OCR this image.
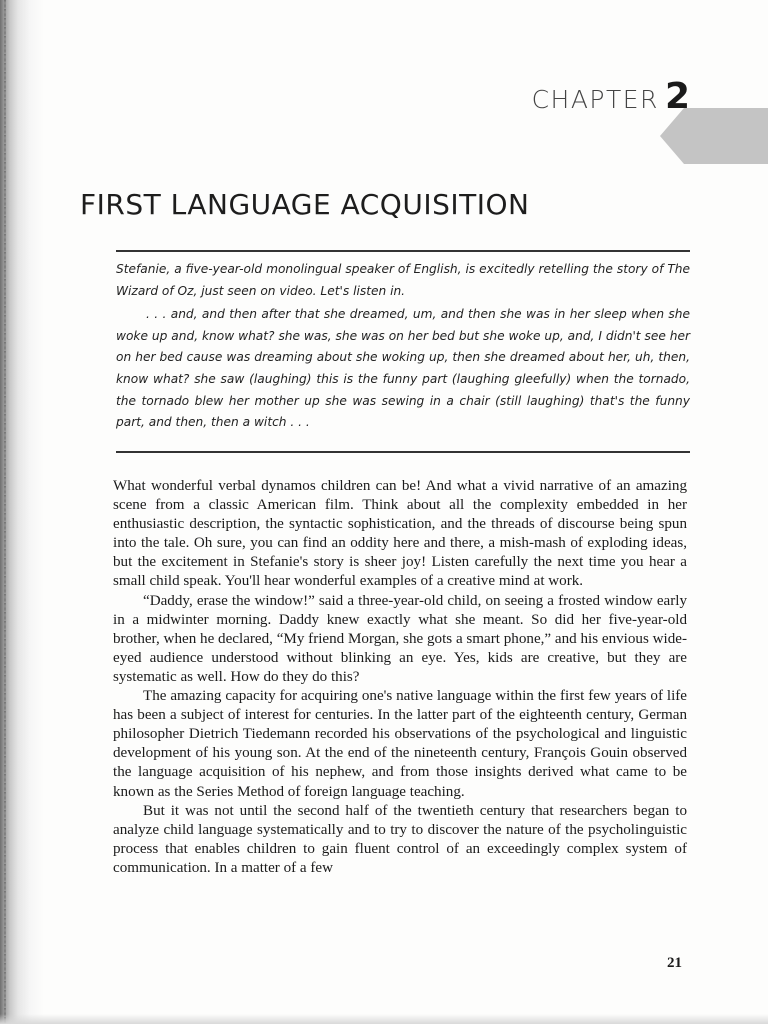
CHAPTER 2
FIRST LANGUAGE ACQUISITION

Stefanie, a five-year-old monolingual speaker of English, is excitedly retelling the story of The Wizard of Oz, just seen on video. Let's listen in.

. . . and, and then after that she dreamed, um, and then she was in her sleep when she woke up and, know what? she was, she was on her bed but she woke up, and, I didn't see her on her bed cause was dreaming about she woking up, then she dreamed about her, uh, then, know what? she saw (laughing) this is the funny part (laughing gleefully) when the tornado, the tornado blew her mother up she was sewing in a chair (still laughing) that's the funny part, and then, then a witch . . .

What wonderful verbal dynamos children can be! And what a vivid narrative of an amazing scene from a classic American film. Think about all the complexity embedded in her enthusiastic description, the syntactic sophistication, and the threads of discourse being spun into the tale. Oh sure, you can find an oddity here and there, a mish-mash of exploding ideas, but the excitement in Stefanie's story is sheer joy! Listen carefully the next time you hear a small child speak. You'll hear wonderful examples of a creative mind at work.

“Daddy, erase the window!” said a three-year-old child, on seeing a frosted window early in a midwinter morning. Daddy knew exactly what she meant. So did her five-year-old brother, when he declared, “My friend Morgan, she gots a smart phone,” and his envious wide-eyed audience understood without blinking an eye. Yes, kids are creative, but they are systematic as well. How do they do this?

The amazing capacity for acquiring one's native language within the first few years of life has been a subject of interest for centuries. In the latter part of the eighteenth century, German philosopher Dietrich Tiedemann recorded his observations of the psychological and linguistic development of his young son. At the end of the nineteenth century, François Gouin observed the language acquisition of his nephew, and from those insights derived what came to be known as the Series Method of foreign language teaching.

But it was not until the second half of the twentieth century that researchers began to analyze child language systematically and to try to discover the nature of the psycholinguistic process that enables children to gain fluent control of an exceedingly complex system of communication. In a matter of a few

21
